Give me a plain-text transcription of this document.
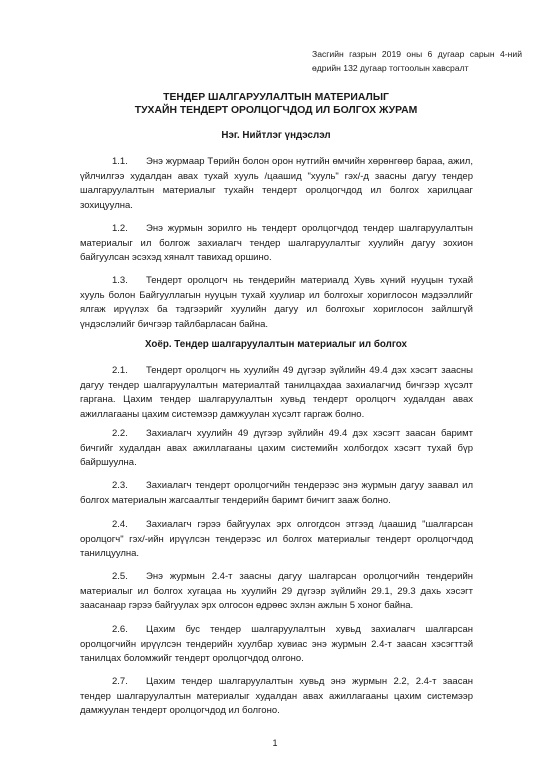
Засгийн газрын 2019 оны 6 дугаар сарын 4-ний өдрийн 132 дугаар тогтоолын хавсралт
ТЕНДЕР ШАЛГАРУУЛАЛТЫН МАТЕРИАЛЫГ
ТУХАЙН ТЕНДЕРТ ОРОЛЦОГЧДОД ИЛ БОЛГОХ ЖУРАМ
Нэг. Нийтлэг үндэслэл
1.1. Энэ журмаар Төрийн болон орон нутгийн өмчийн хөрөнгөөр бараа, ажил, үйлчилгээ худалдан авах тухай хууль /цаашид "хууль" гэх/-д заасны дагуу тендер шалгаруулалтын материалыг тухайн тендерт оролцогчдод ил болгох харилцааг зохицуулна.
1.2. Энэ журмын зорилго нь тендерт оролцогчдод тендер шалгаруулалтын материалыг ил болгож захиалагч тендер шалгаруулалтыг хуулийн дагуу зохион байгуулсан эсэхэд хяналт тавихад оршино.
1.3. Тендерт оролцогч нь тендерийн материалд Хувь хүний нууцын тухай хууль болон Байгууллагын нууцын тухай хуулиар ил болгохыг хориглосон мэдээллийг ялгаж ирүүлэх ба тэдгээрийг хуулийн дагуу ил болгохыг хориглосон зайлшгүй үндэслэлийг бичгээр тайлбарласан байна.
Хоёр. Тендер шалгаруулалтын материалыг ил болгох
2.1. Тендерт оролцогч нь хуулийн 49 дүгээр зүйлийн 49.4 дэх хэсэгт заасны дагуу тендер шалгаруулалтын материалтай танилцахдаа захиалагчид бичгээр хүсэлт гаргана. Цахим тендер шалгаруулалтын хувьд тендерт оролцогч худалдан авах ажиллагааны цахим системээр дамжуулан хүсэлт гаргаж болно.
2.2. Захиалагч хуулийн 49 дүгээр зүйлийн 49.4 дэх хэсэгт заасан баримт бичгийг худалдан авах ажиллагааны цахим системийн холбогдох хэсэгт тухай бүр байршуулна.
2.3. Захиалагч тендерт оролцогчийн тендерээс энэ журмын дагуу заавал ил болгох материалын жагсаалтыг тендерийн баримт бичигт зааж болно.
2.4. Захиалагч гэрээ байгуулах эрх олгогдсон этгээд /цаашид "шалгарсан оролцогч" гэх/-ийн ирүүлсэн тендерээс ил болгох материалыг тендерт оролцогчдод танилцуулна.
2.5. Энэ журмын 2.4-т заасны дагуу шалгарсан оролцогчийн тендерийн материалыг ил болгох хугацаа нь хуулийн 29 дүгээр зүйлийн 29.1, 29.3 дахь хэсэгт заасанаар гэрээ байгуулах эрх олгосон өдрөөс эхлэн ажлын 5 хоног байна.
2.6. Цахим бус тендер шалгаруулалтын хувьд захиалагч шалгарсан оролцогчийн ирүүлсэн тендерийн хуулбар хувиас энэ журмын 2.4-т заасан хэсэгттэй танилцах боломжийг тендерт оролцогчдод олгоно.
2.7. Цахим тендер шалгаруулалтын хувьд энэ журмын 2.2, 2.4-т заасан тендер шалгаруулалтын материалыг худалдан авах ажиллагааны цахим системээр дамжуулан тендерт оролцогчдод ил болгоно.
1
